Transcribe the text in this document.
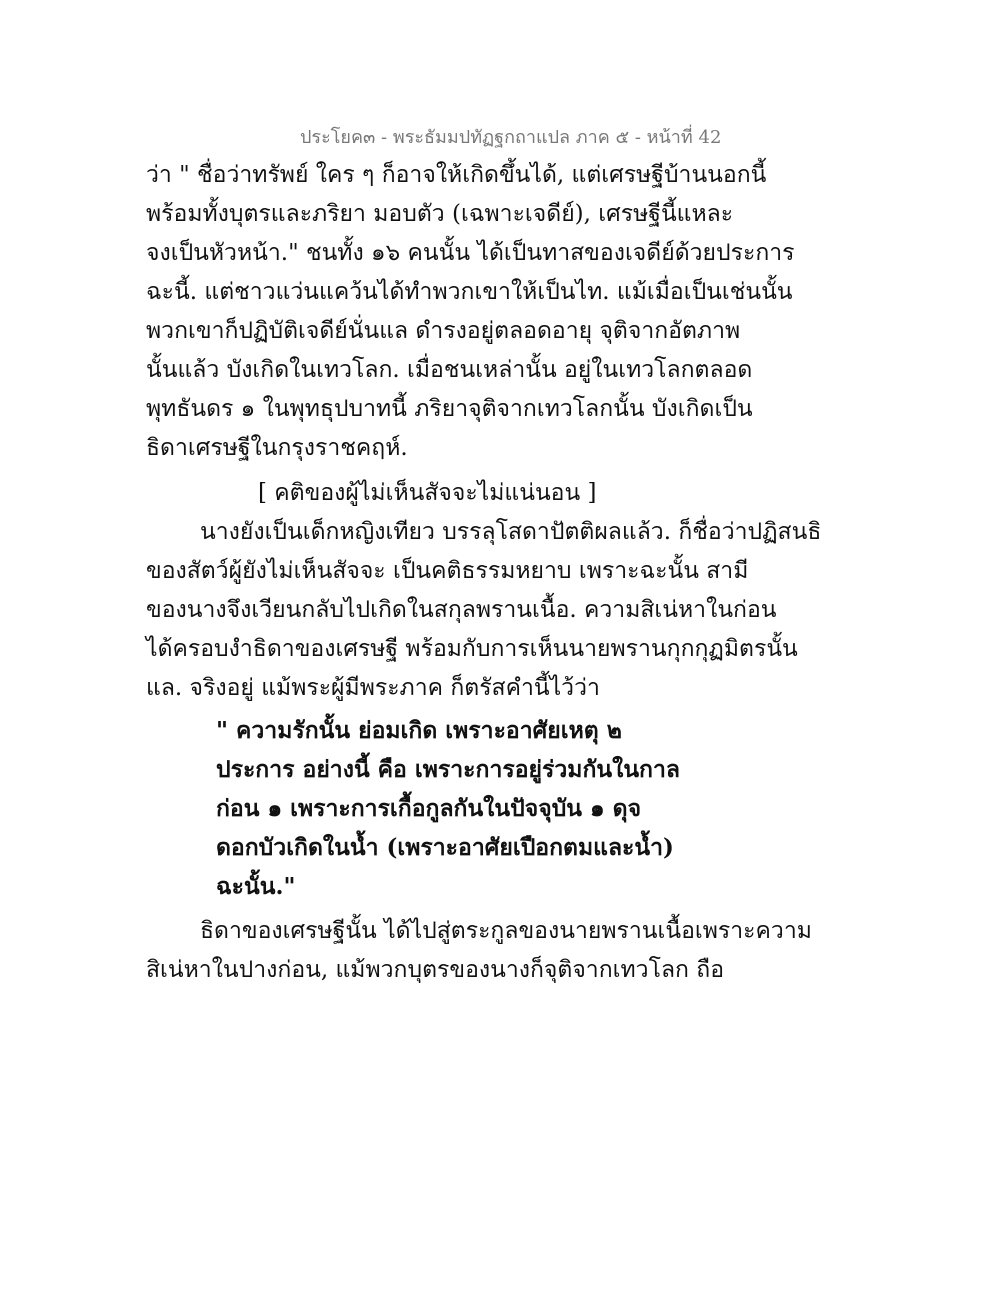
ประโยค๓ - พระธัมมปทัฏฐกถาแปล ภาค ๕ - หน้าที่ 42
ว่า " ชื่อว่าทรัพย์ ใคร ๆ ก็อาจให้เกิดขึ้นได้, แต่เศรษฐีบ้านนอกนี้
พร้อมทั้งบุตรและภริยา มอบตัว (เฉพาะเจดีย์), เศรษฐีนี้แหละ
จงเป็นหัวหน้า." ชนทั้ง ๑๖ คนนั้น ได้เป็นทาสของเจดีย์ด้วยประการ
ฉะนี้. แต่ชาวแว่นแคว้นได้ทำพวกเขาให้เป็นไท. แม้เมื่อเป็นเช่นนั้น
พวกเขาก็ปฏิบัติเจดีย์นั่นแล ดำรงอยู่ตลอดอายุ จุติจากอัตภาพ
นั้นแล้ว บังเกิดในเทวโลก. เมื่อชนเหล่านั้น อยู่ในเทวโลกตลอด
พุทธันดร ๑ ในพุทธุปบาทนี้ ภริยาจุติจากเทวโลกนั้น บังเกิดเป็น
ธิดาเศรษฐีในกรุงราชคฤห์.
[ คติของผู้ไม่เห็นสัจจะไม่แน่นอน ]
นางยังเป็นเด็กหญิงเทียว บรรลุโสดาปัตติผลแล้ว. ก็ชื่อว่าปฏิสนธิ
ของสัตว์ผู้ยังไม่เห็นสัจจะ เป็นคติธรรมหยาบ เพราะฉะนั้น สามี
ของนางจึงเวียนกลับไปเกิดในสกุลพรานเนื้อ. ความสิเน่หาในก่อน
ได้ครอบงำธิดาของเศรษฐี พร้อมกับการเห็นนายพรานกุกกุฏมิตรนั้น
แล. จริงอยู่ แม้พระผู้มีพระภาค ก็ตรัสคำนี้ไว้ว่า
" ความรักนั้น ย่อมเกิด เพราะอาศัยเหตุ ๒
ประการ อย่างนี้ คือ เพราะการอยู่ร่วมกันในกาล
ก่อน ๑ เพราะการเกื้อกูลกันในปัจจุบัน ๑ ดุจ
ดอกบัวเกิดในน้ำ (เพราะอาศัยเปือกตมและน้ำ)
ฉะนั้น."
ธิดาของเศรษฐีนั้น ได้ไปสู่ตระกูลของนายพรานเนื้อเพราะความ
สิเน่หาในปางก่อน, แม้พวกบุตรของนางก็จุติจากเทวโลก ถือ
